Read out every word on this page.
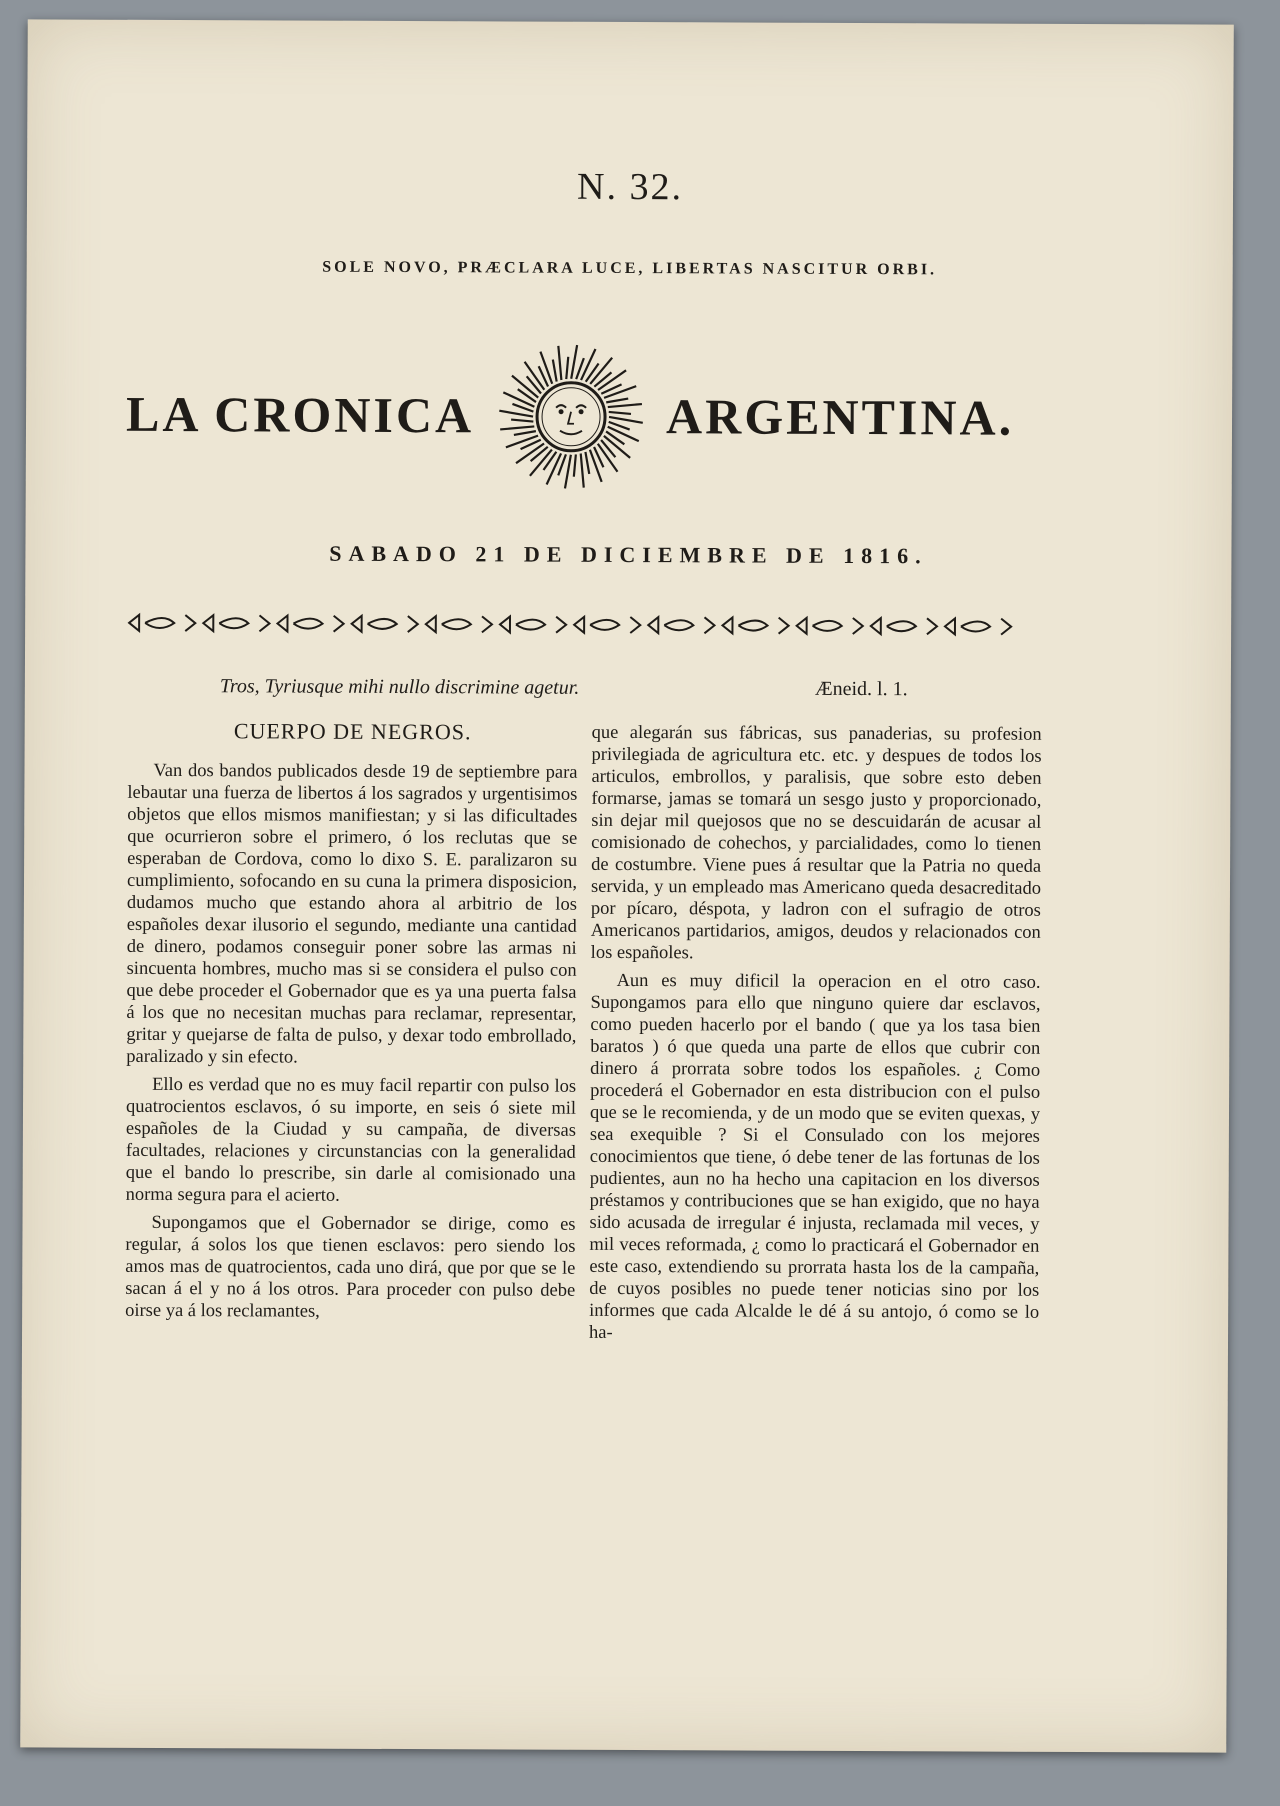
N. 32.
SOLE NOVO, PRÆCLARA LUCE, LIBERTAS NASCITUR ORBI.
LA CRONICA	ARGENTINA.
SABADO 21 DE DICIEMBRE DE 1816.
Tros, Tyriusque mihi nullo discrimine agetur.	Æneid. l. 1.
CUERPO DE NEGROS.

Van dos bandos publicados desde 19 de septiembre para lebautar una fuerza de libertos á los sagrados y urgentisimos objetos que ellos mismos manifiestan; y si las dificultades que ocurrieron sobre el primero, ó los reclutas que se esperaban de Cordova, como lo dixo S. E. paralizaron su cumplimiento, sofocando en su cuna la primera disposicion, dudamos mucho que estando ahora al arbitrio de los españoles dexar ilusorio el segundo, mediante una cantidad de dinero, podamos conseguir poner sobre las armas ni sincuenta hombres, mucho mas si se considera el pulso con que debe proceder el Gobernador que es ya una puerta falsa á los que no necesitan muchas para reclamar, representar, gritar y quejarse de falta de pulso, y dexar todo embrollado, paralizado y sin efecto.

Ello es verdad que no es muy facil repartir con pulso los quatrocientos esclavos, ó su importe, en seis ó siete mil españoles de la Ciudad y su campaña, de diversas facultades, relaciones y circunstancias con la generalidad que el bando lo prescribe, sin darle al comisionado una norma segura para el acierto.

Supongamos que el Gobernador se dirige, como es regular, á solos los que tienen esclavos: pero siendo los amos mas de quatrocientos, cada uno dirá, que por que se le sacan á el y no á los otros. Para proceder con pulso debe oirse ya á los reclamantes,

que alegarán sus fábricas, sus panaderias, su profesion privilegiada de agricultura etc. etc. y despues de todos los articulos, embrollos, y paralisis, que sobre esto deben formarse, jamas se tomará un sesgo justo y proporcionado, sin dejar mil quejosos que no se descuidarán de acusar al comisionado de cohechos, y parcialidades, como lo tienen de costumbre. Viene pues á resultar que la Patria no queda servida, y un empleado mas Americano queda desacreditado por pícaro, déspota, y ladron con el sufragio de otros Americanos partidarios, amigos, deudos y relacionados con los españoles.

Aun es muy dificil la operacion en el otro caso. Supongamos para ello que ninguno quiere dar esclavos, como pueden hacerlo por el bando ( que ya los tasa bien baratos ) ó que queda una parte de ellos que cubrir con dinero á prorrata sobre todos los españoles. ¿ Como procederá el Gobernador en esta distribucion con el pulso que se le recomienda, y de un modo que se eviten quexas, y sea exequible ? Si el Consulado con los mejores conocimientos que tiene, ó debe tener de las fortunas de los pudientes, aun no ha hecho una capitacion en los diversos préstamos y contribuciones que se han exigido, que no haya sido acusada de irregular é injusta, reclamada mil veces, y mil veces reformada, ¿ como lo practicará el Gobernador en este caso, extendiendo su prorrata hasta los de la campaña, de cuyos posibles no puede tener noticias sino por los informes que cada Alcalde le dé á su antojo, ó como se lo ha-
